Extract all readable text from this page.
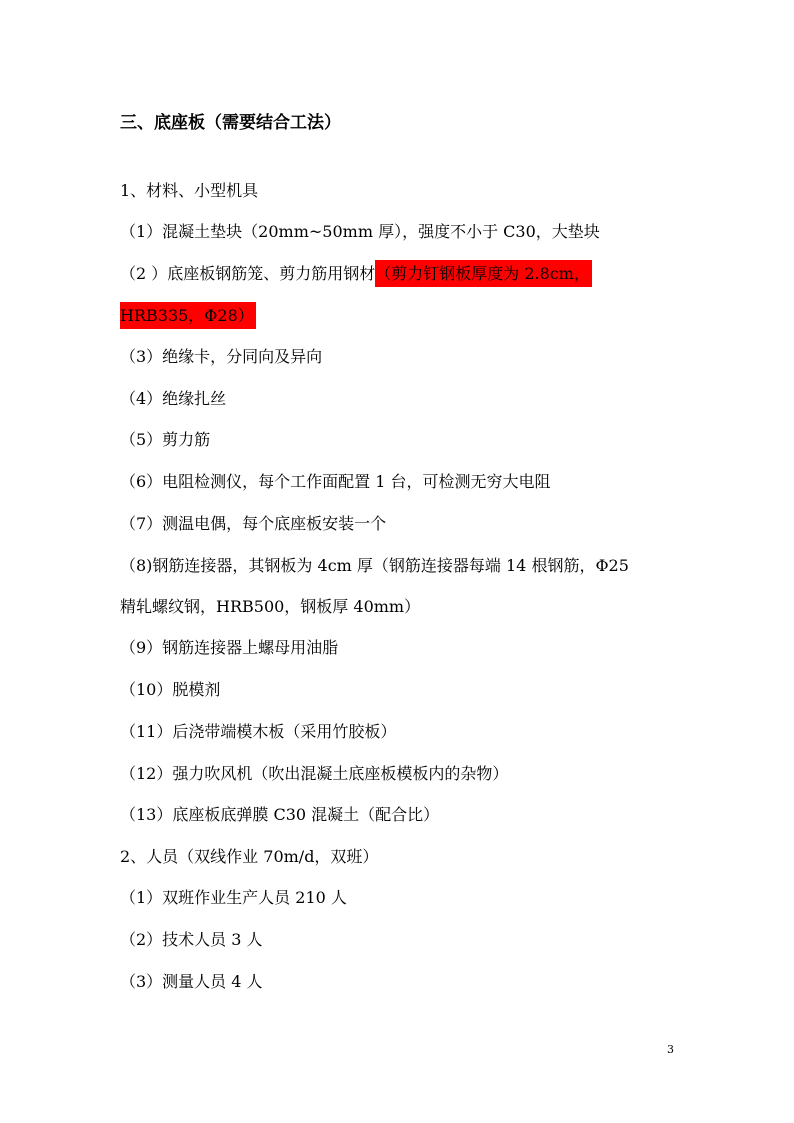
三、底座板（需要结合工法）
1、材料、小型机具
（1）混凝土垫块（20mm~50mm 厚），强度不小于 C30，大垫块
（2 ）底座板钢筋笼、剪力筋用钢材（剪力钉钢板厚度为 2.8cm，
HRB335，Φ28）
（3）绝缘卡，分同向及异向
（4）绝缘扎丝
（5）剪力筋
（6）电阻检测仪，每个工作面配置 1 台，可检测无穷大电阻
（7）测温电偶，每个底座板安装一个
（8)钢筋连接器，其钢板为 4cm 厚（钢筋连接器每端 14 根钢筋，Φ25
精轧螺纹钢，HRB500，钢板厚 40mm）
（9）钢筋连接器上螺母用油脂
（10）脱模剂
（11）后浇带端模木板（采用竹胶板）
（12）强力吹风机（吹出混凝土底座板模板内的杂物）
（13）底座板底弹膜 C30 混凝土（配合比）
2、人员（双线作业 70m/d，双班）
（1）双班作业生产人员 210 人
（2）技术人员 3 人
（3）测量人员 4 人
3
